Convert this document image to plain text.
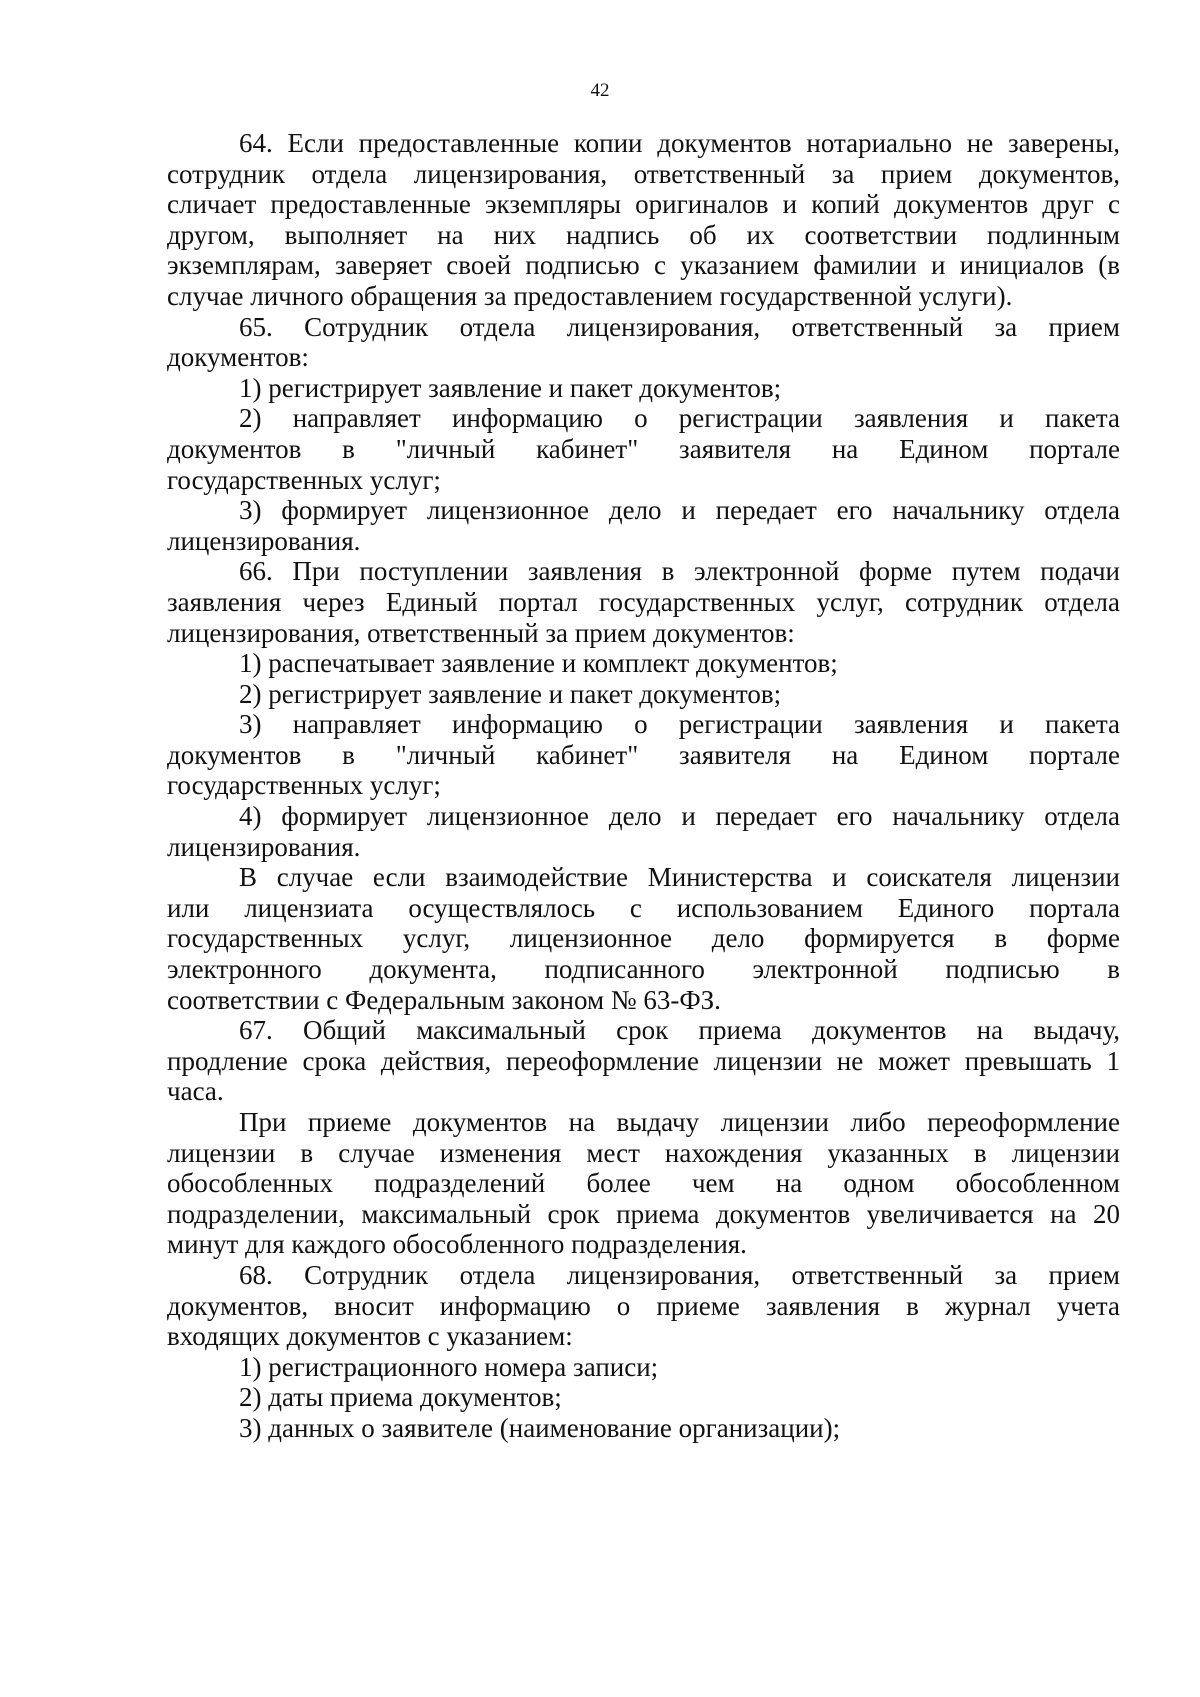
42
64. Если предоставленные копии документов нотариально не заверены,
сотрудник отдела лицензирования, ответственный за прием документов,
сличает предоставленные экземпляры оригиналов и копий документов друг с
другом, выполняет на них надпись об их соответствии подлинным
экземплярам, заверяет своей подписью с указанием фамилии и инициалов (в
случае личного обращения за предоставлением государственной услуги).
65. Сотрудник отдела лицензирования, ответственный за прием
документов:
1) регистрирует заявление и пакет документов;
2) направляет информацию о регистрации заявления и пакета
документов в "личный кабинет" заявителя на Едином портале
государственных услуг;
3) формирует лицензионное дело и передает его начальнику отдела
лицензирования.
66. При поступлении заявления в электронной форме путем подачи
заявления через Единый портал государственных услуг, сотрудник отдела
лицензирования, ответственный за прием документов:
1) распечатывает заявление и комплект документов;
2) регистрирует заявление и пакет документов;
3) направляет информацию о регистрации заявления и пакета
документов в "личный кабинет" заявителя на Едином портале
государственных услуг;
4) формирует лицензионное дело и передает его начальнику отдела
лицензирования.
В случае если взаимодействие Министерства и соискателя лицензии
или лицензиата осуществлялось с использованием Единого портала
государственных услуг, лицензионное дело формируется в форме
электронного документа, подписанного электронной подписью в
соответствии с Федеральным законом № 63-ФЗ.
67. Общий максимальный срок приема документов на выдачу,
продление срока действия, переоформление лицензии не может превышать 1
часа.
При приеме документов на выдачу лицензии либо переоформление
лицензии в случае изменения мест нахождения указанных в лицензии
обособленных подразделений более чем на одном обособленном
подразделении, максимальный срок приема документов увеличивается на 20
минут для каждого обособленного подразделения.
68. Сотрудник отдела лицензирования, ответственный за прием
документов, вносит информацию о приеме заявления в журнал учета
входящих документов с указанием:
1) регистрационного номера записи;
2) даты приема документов;
3) данных о заявителе (наименование организации);
